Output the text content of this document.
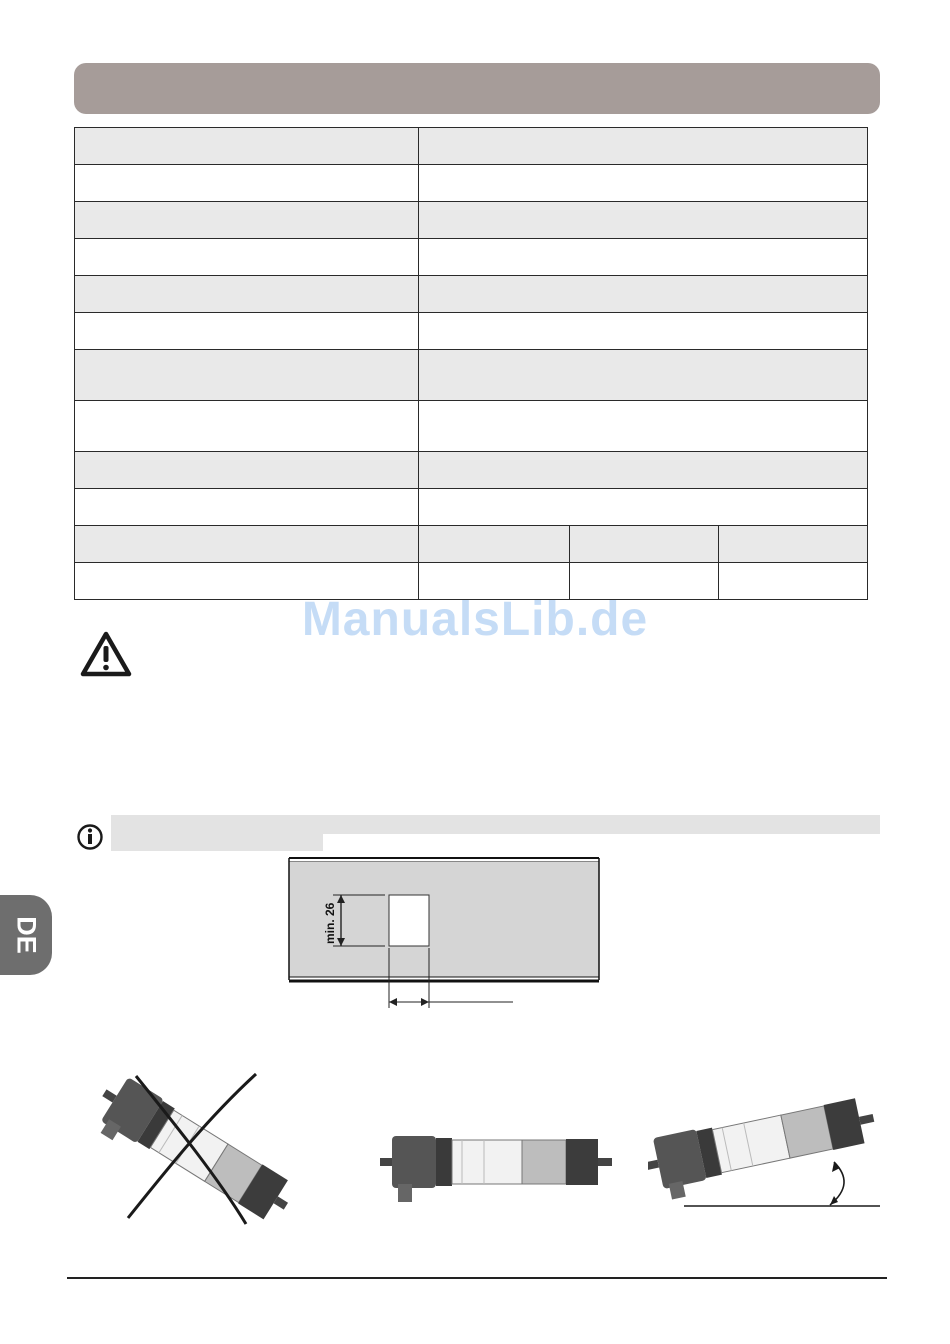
ManualsLib.de
DE	min. 26
